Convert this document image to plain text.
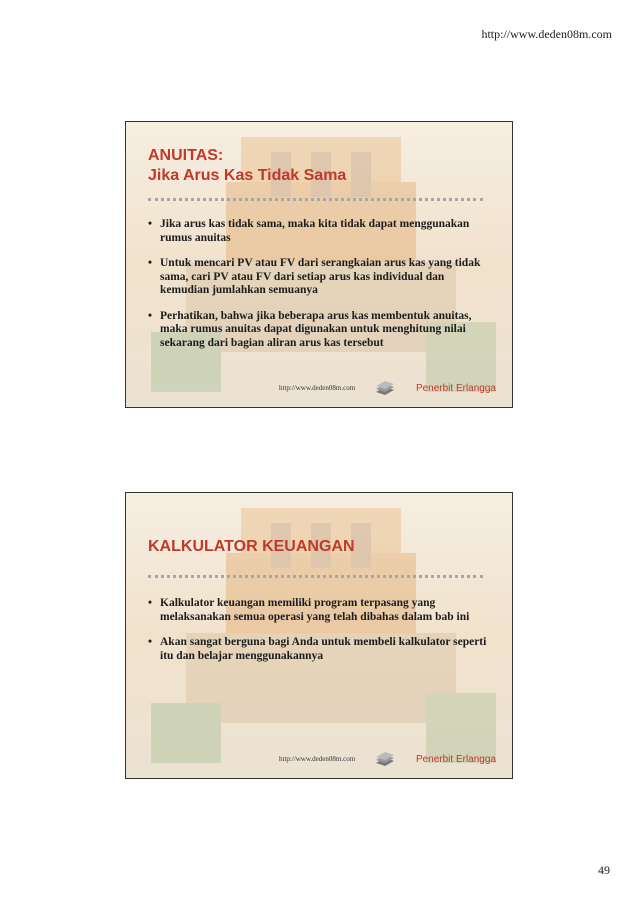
http://www.deden08m.com
ANUITAS:
Jika Arus Kas Tidak Sama
• Jika arus kas tidak sama, maka kita tidak dapat menggunakan rumus anuitas
• Untuk mencari PV atau FV dari serangkaian arus kas yang tidak sama, cari PV atau FV dari setiap arus kas individual dan kemudian jumlahkan semuanya
• Perhatikan, bahwa jika beberapa arus kas membentuk anuitas, maka rumus anuitas dapat digunakan untuk menghitung nilai sekarang dari bagian aliran arus kas tersebut
http://www.deden08m.com	Penerbit Erlangga
KALKULATOR KEUANGAN
• Kalkulator keuangan memiliki program terpasang yang melaksanakan semua operasi yang telah dibahas dalam bab ini
• Akan sangat berguna bagi Anda untuk membeli kalkulator seperti itu dan belajar menggunakannya
http://www.deden08m.com	Penerbit Erlangga
49
